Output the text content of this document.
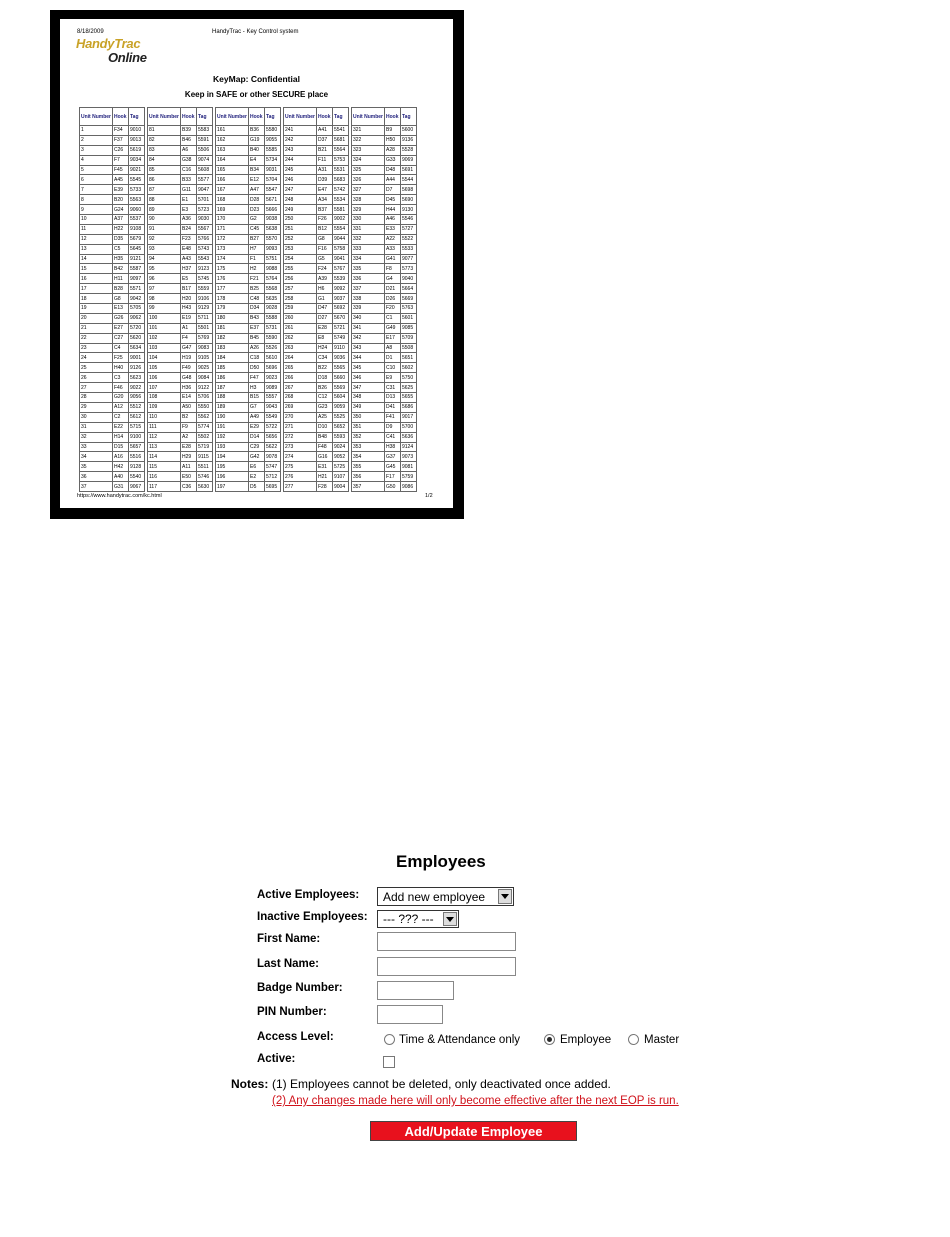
8/18/2009	HandyTrac - Key Control system
HandyTrac
Online
KeyMap: Confidential
Keep in SAFE or other SECURE place
Unit Number	Hook	Tag
1	F34	9010
2	F37	9013
3	C26	5619
4	F7	9034
5	F45	9021
6	A45	5545
7	E39	5733
8	B20	5563
9	G24	9060
10	A37	5537
11	H22	9108
12	D35	5679
13	C5	5645
14	H35	9121
15	B42	5587
16	H11	9097
17	B28	5571
18	G8	9042
19	E13	5705
20	G26	9062
21	E27	5720
22	C27	5620
23	C4	5634
24	F25	9001
25	H40	9126
26	C3	5623
27	F46	9022
28	G20	9056
29	A12	5512
30	C2	5612
31	E22	5715
32	H14	9100
33	D15	5657
34	A16	5516
35	H42	9128
36	A40	5540
37	G31	9067
Unit Number	Hook	Tag
81	B39	5583
82	B46	5591
83	A6	5506
84	G38	9074
85	C16	5608
86	B33	5577
87	G11	9047
88	E1	5701
89	E3	5723
90	A36	9030
91	B24	5567
92	F23	5766
93	E48	5743
94	A43	5543
95	H37	9123
96	E5	5745
97	B17	5559
98	H20	9106
99	H43	9129
100	E19	5711
101	A1	5501
102	F4	5769
103	G47	9083
104	H19	9105
105	F49	9025
106	G48	9084
107	H36	9122
108	E14	5706
109	A50	5550
110	B2	5562
111	F9	5774
112	A2	5502
113	E28	5719
114	H29	9115
115	A11	5511
116	E50	5746
117	C36	5630
Unit Number	Hook	Tag
161	B36	5580
162	G19	9055
163	B40	5585
164	E4	5734
165	B34	9031
166	E12	5704
167	A47	5547
168	D28	5671
169	D23	5666
170	G2	9038
171	C45	5638
172	B27	5570
173	H7	9093
174	F1	5751
175	H2	9088
176	F21	5764
177	B25	5568
178	C48	5635
179	D34	9028
180	B43	5588
181	E37	5731
182	B45	5590
183	A26	5526
184	C18	5610
185	D50	5696
186	F47	9023
187	H3	9089
188	B15	5557
189	G7	9043
190	A49	5549
191	E29	5722
192	D14	5656
193	C29	5622
194	G42	9078
195	E6	5747
196	E2	5712
197	D5	5695
Unit Number	Hook	Tag
241	A41	5541
242	D37	5681
243	B21	5564
244	F11	5753
245	A31	5531
246	D39	5683
247	E47	5742
248	A34	5534
249	B37	5581
250	F26	9002
251	B12	5554
252	G8	9044
253	F16	5758
254	G5	9041
255	F24	5767
256	A39	5539
257	H6	9092
258	G1	9037
259	D47	5692
260	D27	5670
261	E28	5721
262	E8	5749
263	H24	9110
264	C34	9036
265	B22	5565
266	D18	5660
267	B26	5569
268	C12	5604
269	G23	9059
270	A25	5525
271	D10	5652
272	B48	5593
273	F48	9024
274	G16	9052
275	E31	5725
276	H21	9107
277	F28	9004
Unit Number	Hook	Tag
321	B9	5600
322	H50	9136
323	A28	5528
324	G33	9069
325	D48	5691
326	A44	5544
327	D7	5698
328	D45	5690
329	H44	9130
330	A46	5546
331	E33	5727
332	A22	5522
333	A33	5533
334	G41	9077
335	F8	5773
336	G4	9040
337	D21	5664
338	D26	5669
339	F20	5763
340	C1	5601
341	G49	9085
342	E17	5709
343	A8	5508
344	D1	5651
345	C10	5602
346	E9	5750
347	C31	5625
348	D13	5655
349	D41	5686
350	F41	9017
351	D9	5700
352	C41	5636
353	H38	9124
354	G37	9073
355	G45	9081
356	F17	5759
357	G50	9086
https://www.handytrac.com/kc.html	1/2
Employees
Active Employees: Add new employee
Inactive Employees: --- ??? ---
First Name:
Last Name:
Badge Number:
PIN Number:
Access Level:	Time & Attendance only	Employee	Master
Active:
Notes: (1) Employees cannot be deleted, only deactivated once added.
(2) Any changes made here will only become effective after the next EOP is run.
Add/Update Employee
